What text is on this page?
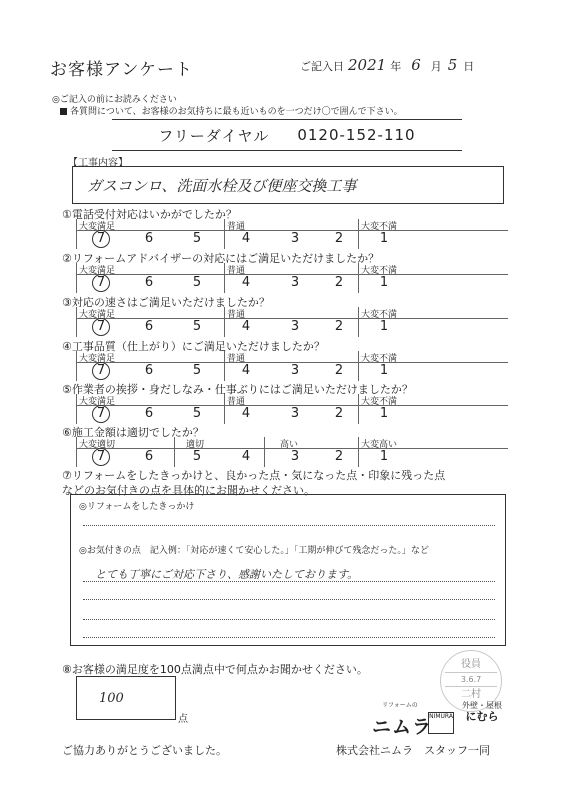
お客様アンケート	ご記入日 2021 年 6 月 5 日
◎ご記入の前にお読みください
各質問について、お客様のお気持ちに最も近いものを一つだけ〇で囲んで下さい。
フリーダイヤル 0120-152-110
【工事内容】
ガスコンロ、洗面水栓及び便座交換工事
①電話受付対応はいかがでしたか？
大変満足	普通	大変不満
7	6	5	4	3	2	1
②リフォームアドバイザーの対応にはご満足いただけましたか？
大変満足	普通	大変不満
7	6	5	4	3	2	1
③対応の速さはご満足いただけましたか？
大変満足	普通	大変不満
7	6	5	4	3	2	1
④工事品質（仕上がり）にご満足いただけましたか？
大変満足	普通	大変不満
7	6	5	4	3	2	1
⑤作業者の挨拶・身だしなみ・仕事ぶりにはご満足いただけましたか？
大変満足	普通	大変不満
7	6	5	4	3	2	1
⑥施工金額は適切でしたか？
大変適切	適切	高い	大変高い
7	6	5	4	3	2	1
⑦リフォームをしたきっかけと、良かった点・気になった点・印象に残った点
などのお気付きの点を具体的にお聞かせください。
◎リフォームをしたきっかけ
◎お気付きの点　記入例：「対応が速くて安心した。」「工期が伸びて残念だった。」など
とても丁寧にご対応下さり、感謝いたしております。
⑧お客様の満足度を100点満点中で何点かお聞かせください。
100
点
役員
3.6.7
二村
リフォームの
ニムラ
NIMURA
外壁・屋根
にむら
ご協力ありがとうございました。	株式会社ニムラ　スタッフ一同
